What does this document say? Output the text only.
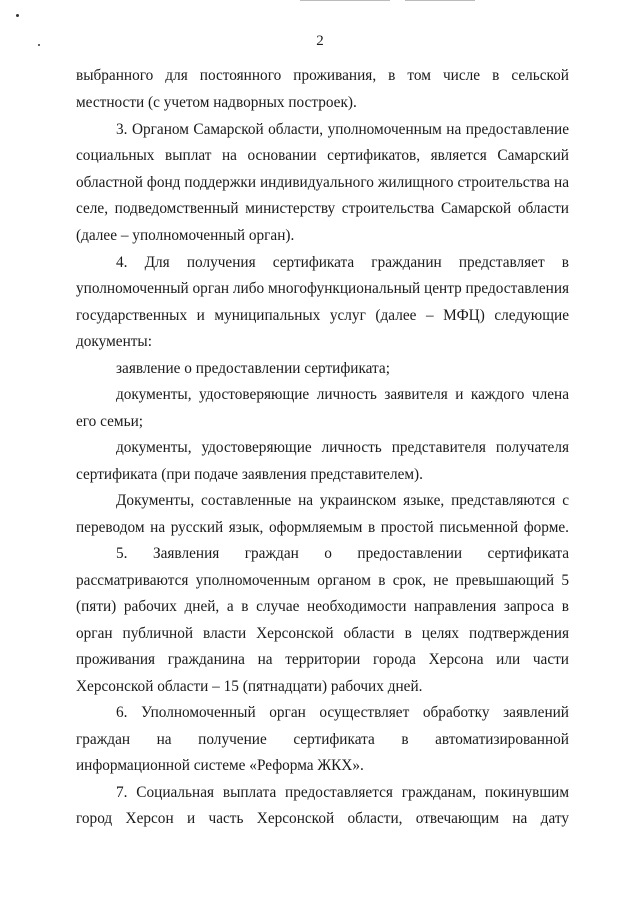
2
выбранного для постоянного проживания, в том числе в сельской
местности (с учетом надворных построек).
3. Органом Самарской области, уполномоченным на предоставление
социальных выплат на основании сертификатов, является Самарский
областной фонд поддержки индивидуального жилищного строительства на
селе, подведомственный министерству строительства Самарской области
(далее – уполномоченный орган).
4. Для получения сертификата гражданин представляет в
уполномоченный орган либо многофункциональный центр предоставления
государственных и муниципальных услуг (далее – МФЦ) следующие
документы:
заявление о предоставлении сертификата;
документы, удостоверяющие личность заявителя и каждого члена
его семьи;
документы, удостоверяющие личность представителя получателя
сертификата (при подаче заявления представителем).
Документы, составленные на украинском языке, представляются с
переводом на русский язык, оформляемым в простой письменной форме.
5. Заявления граждан о предоставлении сертификата
рассматриваются уполномоченным органом в срок, не превышающий 5
(пяти) рабочих дней, а в случае необходимости направления запроса в
орган публичной власти Херсонской области в целях подтверждения
проживания гражданина на территории города Херсона или части
Херсонской области – 15 (пятнадцати) рабочих дней.
6. Уполномоченный орган осуществляет обработку заявлений
граждан на получение сертификата в автоматизированной
информационной системе «Реформа ЖКХ».
7. Социальная выплата предоставляется гражданам, покинувшим
город Херсон и часть Херсонской области, отвечающим на дату
